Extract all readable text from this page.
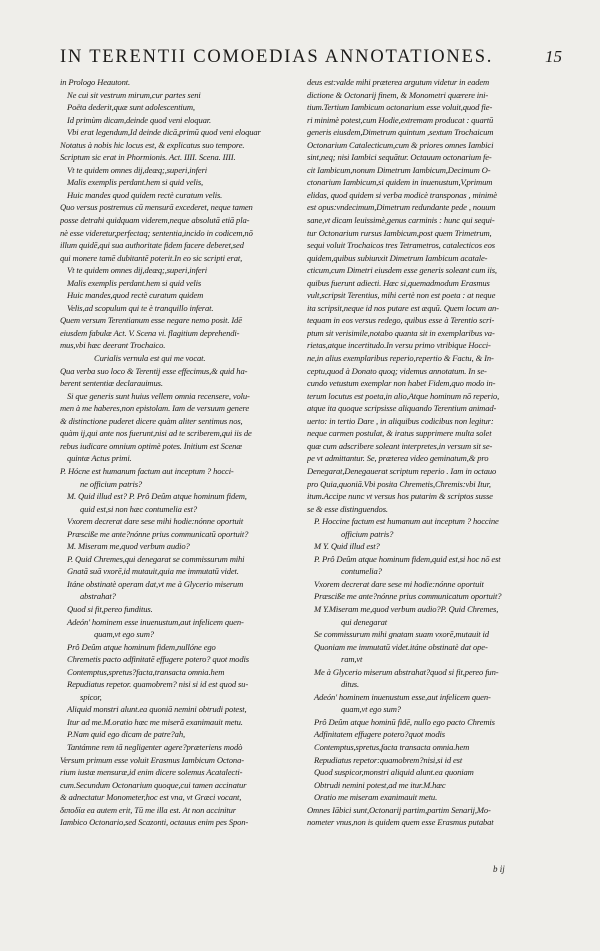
IN TERENTII COMOEDIAS ANNOTATIONES.	15
in Prologo Heautont.
Ne cui sit vestrum mirum,cur partes seni
Poëta dederit,quæ sunt adolescentium,
Id primùm dicam,deinde quod veni eloquar.
Vbi erat legendum,Id deinde dicā,primū quod veni eloquar
Notatus à nobis hic locus est, & explicatus suo tempore.
Scriptum sic erat in Phormionis. Act. IIII. Scena. IIII.
Vt te quidem omnes dij,deæq;,superi,inferi
Malis exemplis perdant.hem si quid velis,
Huic mandes quod quidem rectè curatum velis.
Quo versus postremus cū mensurā excederet, neque tamen
posse detrahi quidquam viderem,neque absolutā etiā pla-
nè esse videretur,perfectaq; sententia,incido in codicem,nō
illum quidē,qui sua authoritate fidem facere deberet,sed
qui monere tamē dubitantē poterit.In eo sic scripti erat,
Vt te quidem omnes dij,deæq;,superi,inferi
Malis exemplis perdant.hem si quid velis
Huic mandes,quod rectè curatum quidem
Velis,ad scopulum qui te è tranquillo inferat.
Quem versum Terentianum esse negare nemo posit. Idē
eiusdem fabulæ Act. V. Scena vi. flagitium deprehendi-
mus,vbi hæc deerant Trochaico.
Curialis vernula est qui me vocat.
Qua verba suo loco & Terentij esse effecimus,& quid ha-
berent sententiæ declarauimus.
Si que generis sunt huius vellem omnia recensere, volu-
men à me haberes,non epistolam. Iam de versuum genere
& distinctione puderet dicere quàm aliter sentimus nos,
quàm ij,qui ante nos fuerunt,nisi ad te scriberem,qui iis de
rebus iudicare omnium optimè potes. Initium est Scenæ
quintæ Actus primi.
P. Hócne est humanum factum aut inceptum ? hocci-
ne officium patris?
M. Quid illud est? P. Prô Deûm atque hominum fidem,
quid est,si non hæc contumelia est?
Vxorem decrerat dare sese mihi hodie:nónne oportuit
Præsciße me ante?nónne prius communicatū oportuit?
M. Miseram me,quod verbum audio?
P. Quid Chremes,qui denegarat se commissurum mihi
Gnatā suā vxorē,id mutauit,quia me immutatū videt.
Itáne obstinatè operam dat,vt me à Glycerio miserum
abstrahat?
Quod si fit,pereo funditus.
Adeón' hominem esse inuenustum,aut infelicem quen-
quam,vt ego sum?
Prô Deûm atque hominum fidem,nullóne ego
Chremetis pacto adfinitatē effugere potero? quot modis
Contemptus,spretus?facta,transacta omnia.hem
Repudiatus repetor. quamobrem? nisi si id est quod su-
spicor,
Aliquid monstri alunt.ea quoniā nemini obtrudi potest,
Itur ad me.M.oratio hæc me miserā exanimauit metu.
P.Nam quid ego dicam de patre?ah,
Tantámne rem tā negligenter agere?præteriens modò
Versum primum esse voluit Erasmus Iambicum Octona-
rium iustæ mensuræ,id enim dicere solemus Acatalecti-
cum.Secundum Octonarium quoque,cui tamen accinatur
& adnectatur Monometer,hoc est vna, vt Græci vocant,
διποδία ea autem erit, Tū me illa est. At non accinitur
Iambico Octonario,sed Scazonti, octauus enim pes Spon-
deus est:valde mihi præterea argutum videtur in eadem
dictione & Octonarij finem, & Monometri quærere ini-
tium.Tertium Iambicum octonarium esse voluit,quod fie-
ri minimè potest,cum Hodie,extremam producat : quartū
generis eiusdem,Dimetrum quintum ,sextum Trochaicum
Octonarium Catalecticum,cum & priores omnes Iambici
sint,neq; nisi Iambici sequātur. Octauum octonarium fe-
cit Iambicum,nonum Dimetrum Iambicum,Decimum O-
ctonarium Iambicum,si quidem in inuenustum,V,primum
elidas, quod quidem si verba modicè transponas , minimè
est opus:vndecimum,Dimetrum redundante pede , nouum
sane,vt dicam leuissimè,genus carminis : hunc qui sequi-
tur Octonarium rursus Iambicum,post quem Trimetrum,
sequi voluit Trochaicos tres Tetrametros, catalecticos eos
quidem,quibus subiunxit Dimetrum Iambicum acatale-
cticum,cum Dimetri eiusdem esse generis soleant cum iis,
quibus fuerunt adiecti. Hæc si,quemadmodum Erasmus
vult,scripsit Terentius, mihi certè non est poeta : at neque
ita scripsit,neque id nos putare est æquū. Quem locum an-
tequam in eos versus redego, quibus esse à Terentio scri-
ptum sit verisimile,notabo quanta sit in exemplaribus va-
rietas,atque incertitudo.In versu primo vtribique Hocci-
ne,in alius exemplaribus reperio,repertio & Factu, & In-
ceptu,quod à Donato quoq; videmus annotatum. In se-
cundo vetustum exemplar non habet Fidem,quo modo in-
terum locutus est poeta,in alio,Atque hominum nō reperio,
atque ita quoque scripsisse aliquando Terentium animad-
uerto: in tertio Dare , in aliquibus codicibus non legitur:
neque carmen postulat, & iratus supprimere multa solet
quæ cum adscribere soleant interpretes,in versum sit se-
pe vt admittantur. Se, præterea video geminatum,& pro
Denegarat,Denegauerat scriptum reperio . Iam in octauo
pro Quia,quoniā.Vbi posita Chremetis,Chremis:vbi Itur,
itum.Accipe nunc vt versus hos putarim & scriptos susse
se & esse distinguendos.
P. Hoccine factum est humanum aut inceptum ? hoccine
officium patris?
M Y. Quid illud est?
P. Prô Deûm atque hominum fidem,quid est,si hoc nō est
contumelia?
Vxorem decrerat dare sese mi hodie:nónne oportuit
Præsciße me ante?nónne prius communicatum oportuit?
M Y.Miseram me,quod verbum audio?P. Quid Chremes,
qui denegarat
Se commissurum mihi gnatam suam vxorē,mutauit id
Quoniam me immutatū videt.itáne obstinatè dat ope-
ram,vt
Me à Glycerio miserum abstrahat?quod si fit,pereo fun-
ditus.
Adeón' hominem inuenustum esse,aut infelicem quen-
quam,vt ego sum?
Prô Deûm atque hominū fidē, nullo ego pacto Chremis
Adfinitatem effugere potero?quot modis
Contemptus,spretus,facta transacta omnia.hem
Repudiatus repetor:quamobrem?nisi,si id est
Quod suspicor,monstri aliquid alunt.ea quoniam
Obtrudi nemini potest,ad me itur.M.hæc
Oratio me miseram exanimauit metu.
Omnes Iābici sunt,Octonarij partim,partim Senarij,Mo-
nometer vnus,non is quidem quem esse Erasmus putabat
b ij
